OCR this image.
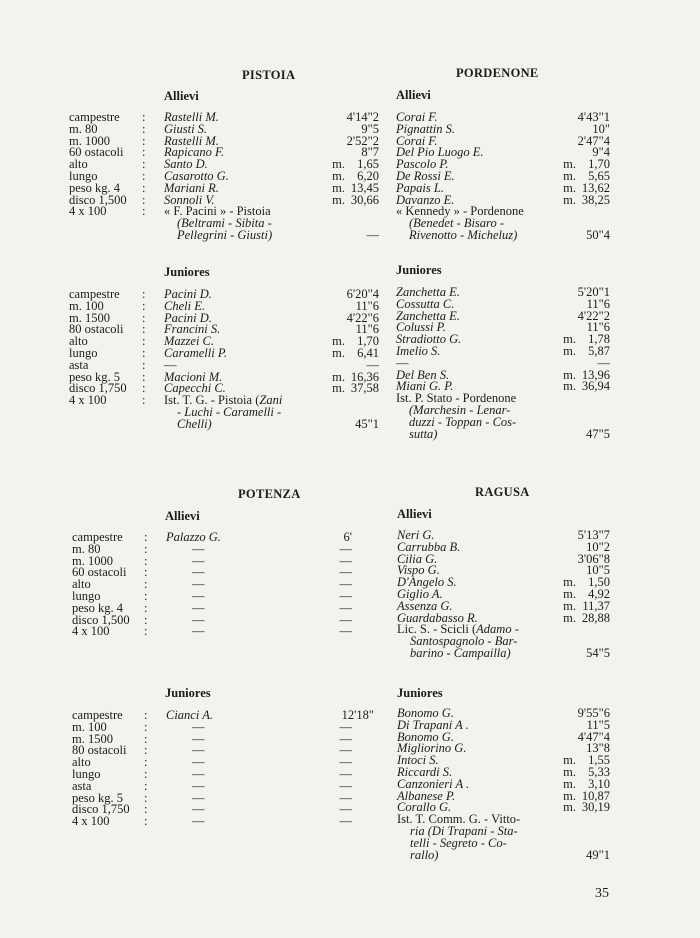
PISTOIA
Allievi
campestre : Rastelli M.	4'14"2
m. 80	: Giusti S.	9"5
m. 1000	: Rastelli M.	2'52"2
60 ostacoli : Rapicano F.	8"7
alto	: Santo D.	m. 1,65
lungo	: Casarotto G.	m. 6,20
peso kg. 4 : Mariani R.	m. 13,45
disco 1,500 : Sonnoli V.	m. 30,66
4 x 100	: « F. Pacini » - Pistoia
(Beltrami - Sibita -
Pellegrini - Giusti)	—
Juniores
campestre : Pacini D.	6'20"4
m. 100	: Cheli E.	11"6
m. 1500	: Pacini D.	4'22"6
80 ostacoli : Francini S.	11"6
alto	: Mazzei C.	m. 1,70
lungo	: Caramelli P.	m. 6,41
asta	: —	—
peso kg. 5 : Macioni M.	m. 16,36
disco 1,750 : Capecchi C.	m. 37,58
4 x 100	: Ist. T. G. - Pistoia (Zani
- Luchi - Caramelli -
Chelli)	45"1
PORDENONE
Allievi
Corai F.	4'43"1
Pignattin S.	10"
Corai F.	2'47"4
Del Pio Luogo E.	9"4
Pascolo P.	m. 1,70
De Rossi E.	m. 5,65
Papais L.	m. 13,62
Davanzo E.	m. 38,25
« Kennedy » - Pordenone
(Benedet - Bisaro -
Rivenotto - Micheluz)	50"4
Juniores
Zanchetta E.	5'20"1
Cossutta C.	11"6
Zanchetta E.	4'22"2
Colussi P.	11"6
Stradiotto G.	m. 1,78
Imelio S.	m. 5,87
—	—
Del Ben S.	m. 13,96
Miani G. P.	m. 36,94
Ist. P. Stato - Pordenone
(Marchesin - Lenar-
duzzi - Toppan - Cos-
sutta)	47"5
POTENZA
Allievi
campestre : Palazzo G.	6'
m. 80	:	—	—
m. 1000 :	—	—
60 ostacoli :	—	—
alto	:	—	—
lungo	:	—	—
peso kg. 4 :	—	—
disco 1,500 :	—	—
4 x 100	:	—	—
Juniores
campestre : Cianci A.	12'18"
m. 100	:	—	—
m. 1500 :	—	—
80 ostacoli :	—	—
alto	:	—	—
lungo	:	—	—
asta	:	—	—
peso kg. 5 :	—	—
disco 1,750 :	—	—
4 x 100	:	—	—
RAGUSA
Allievi
Neri G.	5'13"7
Carrubba B.	10"2
Cilia G.	3'06"8
Vispo G.	10"5
D'Angelo S.	m. 1,50
Giglio A.	m. 4,92
Assenza G.	m. 11,37
Guardabasso R.	m. 28,88
Lic. S. - Scicli (Adamo -
Santospagnolo - Bar-
barino - Campailla)	54"5
Juniores
Bonomo G.	9'55"6
Di Trapani A .	11"5
Bonomo G.	4'47"4
Migliorino G.	13"8
Intoci S.	m. 1,55
Riccardi S.	m. 5,33
Canzonieri A .	m. 3,10
Albanese P.	m. 10,87
Corallo G.	m. 30,19
Ist. T. Comm. G. - Vitto-
ria (Di Trapani - Sta-
telli - Segreto - Co-
rallo)	49"1
35
